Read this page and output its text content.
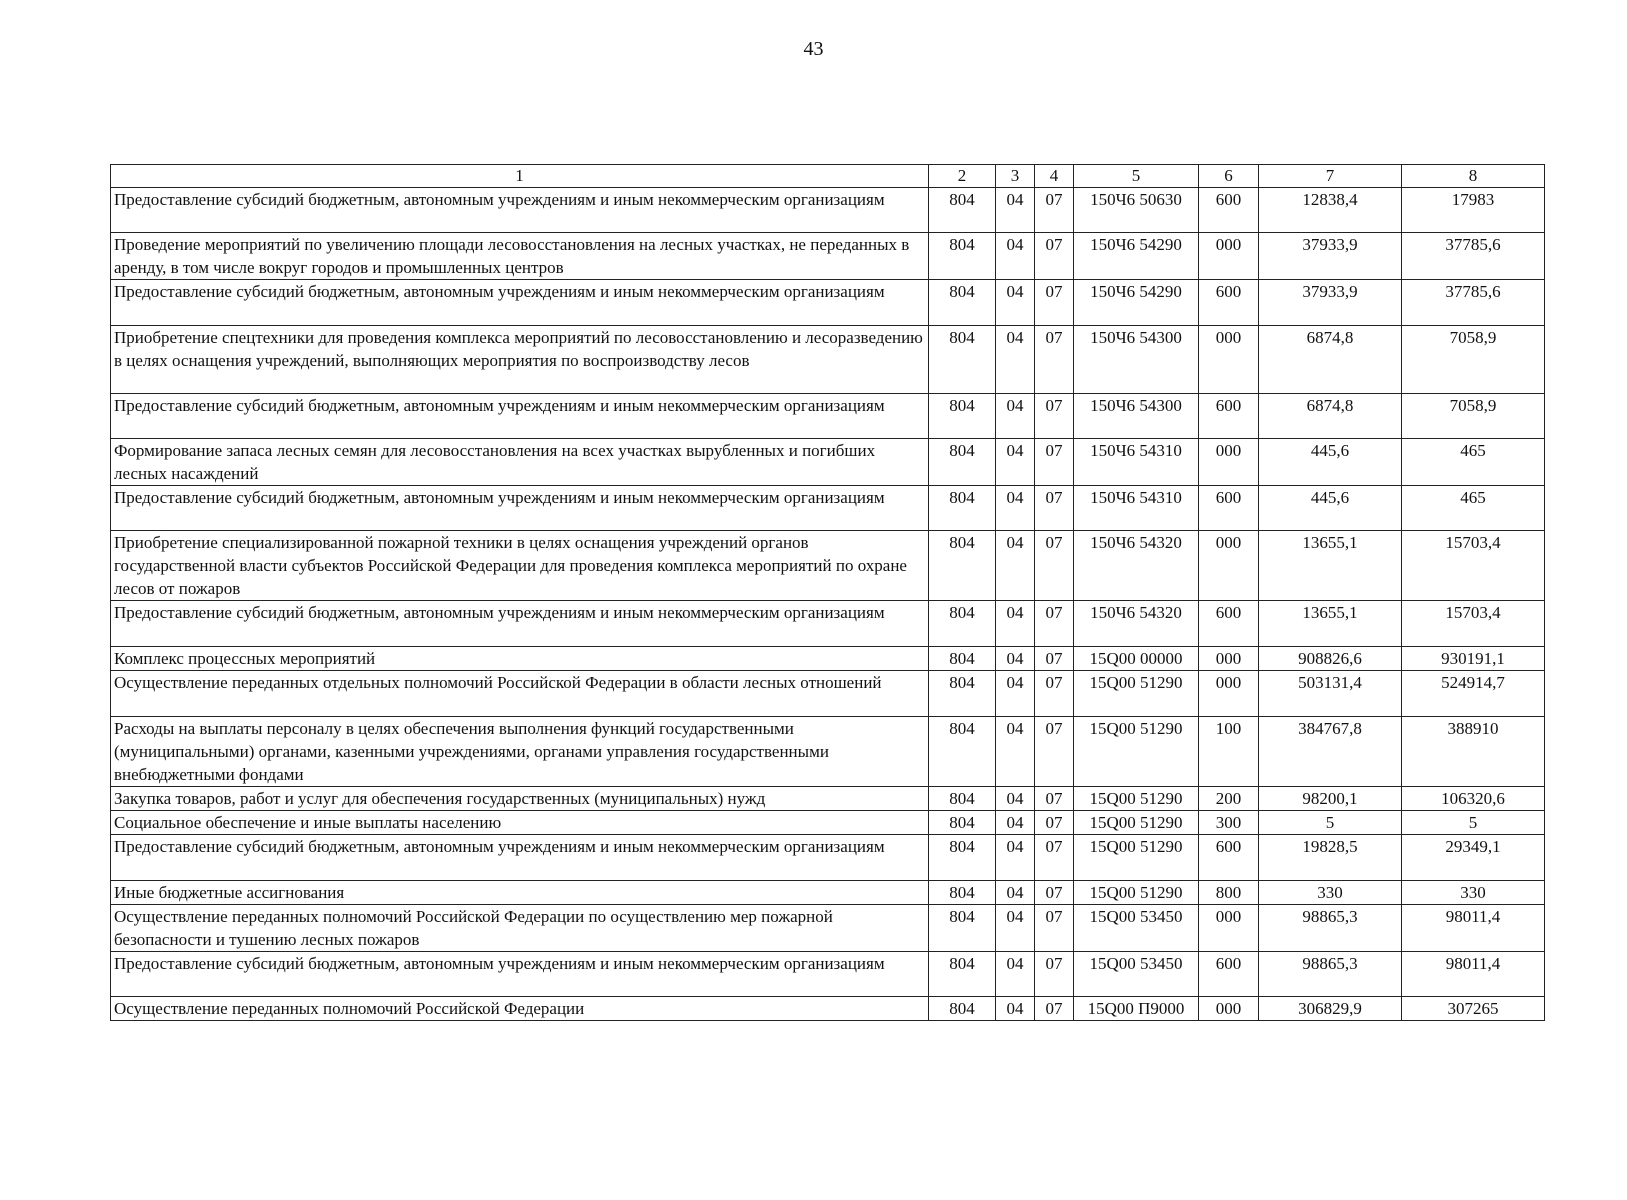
43
1	2	3	4	5	6	7	8
Предоставление субсидий бюджетным, автономным учреждениям и иным некоммерческим организациям	804	04	07	150Ч6 50630	600	12838,4	17983
Проведение мероприятий по увеличению площади лесовосстановления на лесных участках, не переданных в аренду, в том числе вокруг городов и промышленных центров	804	04	07	150Ч6 54290	000	37933,9	37785,6
Предоставление субсидий бюджетным, автономным учреждениям и иным некоммерческим организациям	804	04	07	150Ч6 54290	600	37933,9	37785,6
Приобретение спецтехники для проведения комплекса мероприятий по лесовосстановлению и лесоразведению в целях оснащения учреждений, выполняющих мероприятия по воспроизводству лесов	804	04	07	150Ч6 54300	000	6874,8	7058,9
Предоставление субсидий бюджетным, автономным учреждениям и иным некоммерческим организациям	804	04	07	150Ч6 54300	600	6874,8	7058,9
Формирование запаса лесных семян для лесовосстановления на всех участках вырубленных и погибших лесных насаждений	804	04	07	150Ч6 54310	000	445,6	465
Предоставление субсидий бюджетным, автономным учреждениям и иным некоммерческим организациям	804	04	07	150Ч6 54310	600	445,6	465
Приобретение специализированной пожарной техники в целях оснащения учреждений органов государственной власти субъектов Российской Федерации для проведения комплекса мероприятий по охране лесов от пожаров	804	04	07	150Ч6 54320	000	13655,1	15703,4
Предоставление субсидий бюджетным, автономным учреждениям и иным некоммерческим организациям	804	04	07	150Ч6 54320	600	13655,1	15703,4
Комплекс процессных мероприятий	804	04	07	15Q00 00000	000	908826,6	930191,1
Осуществление переданных отдельных полномочий Российской Федерации в области лесных отношений	804	04	07	15Q00 51290	000	503131,4	524914,7
Расходы на выплаты персоналу в целях обеспечения выполнения функций государственными (муниципальными) органами, казенными учреждениями, органами управления государственными внебюджетными фондами	804	04	07	15Q00 51290	100	384767,8	388910
Закупка товаров, работ и услуг для обеспечения государственных (муниципальных) нужд	804	04	07	15Q00 51290	200	98200,1	106320,6
Социальное обеспечение и иные выплаты населению	804	04	07	15Q00 51290	300	5	5
Предоставление субсидий бюджетным, автономным учреждениям и иным некоммерческим организациям	804	04	07	15Q00 51290	600	19828,5	29349,1
Иные бюджетные ассигнования	804	04	07	15Q00 51290	800	330	330
Осуществление переданных полномочий Российской Федерации по осуществлению мер пожарной безопасности и тушению лесных пожаров	804	04	07	15Q00 53450	000	98865,3	98011,4
Предоставление субсидий бюджетным, автономным учреждениям и иным некоммерческим организациям	804	04	07	15Q00 53450	600	98865,3	98011,4
Осуществление переданных полномочий Российской Федерации	804	04	07	15Q00 П9000	000	306829,9	307265
